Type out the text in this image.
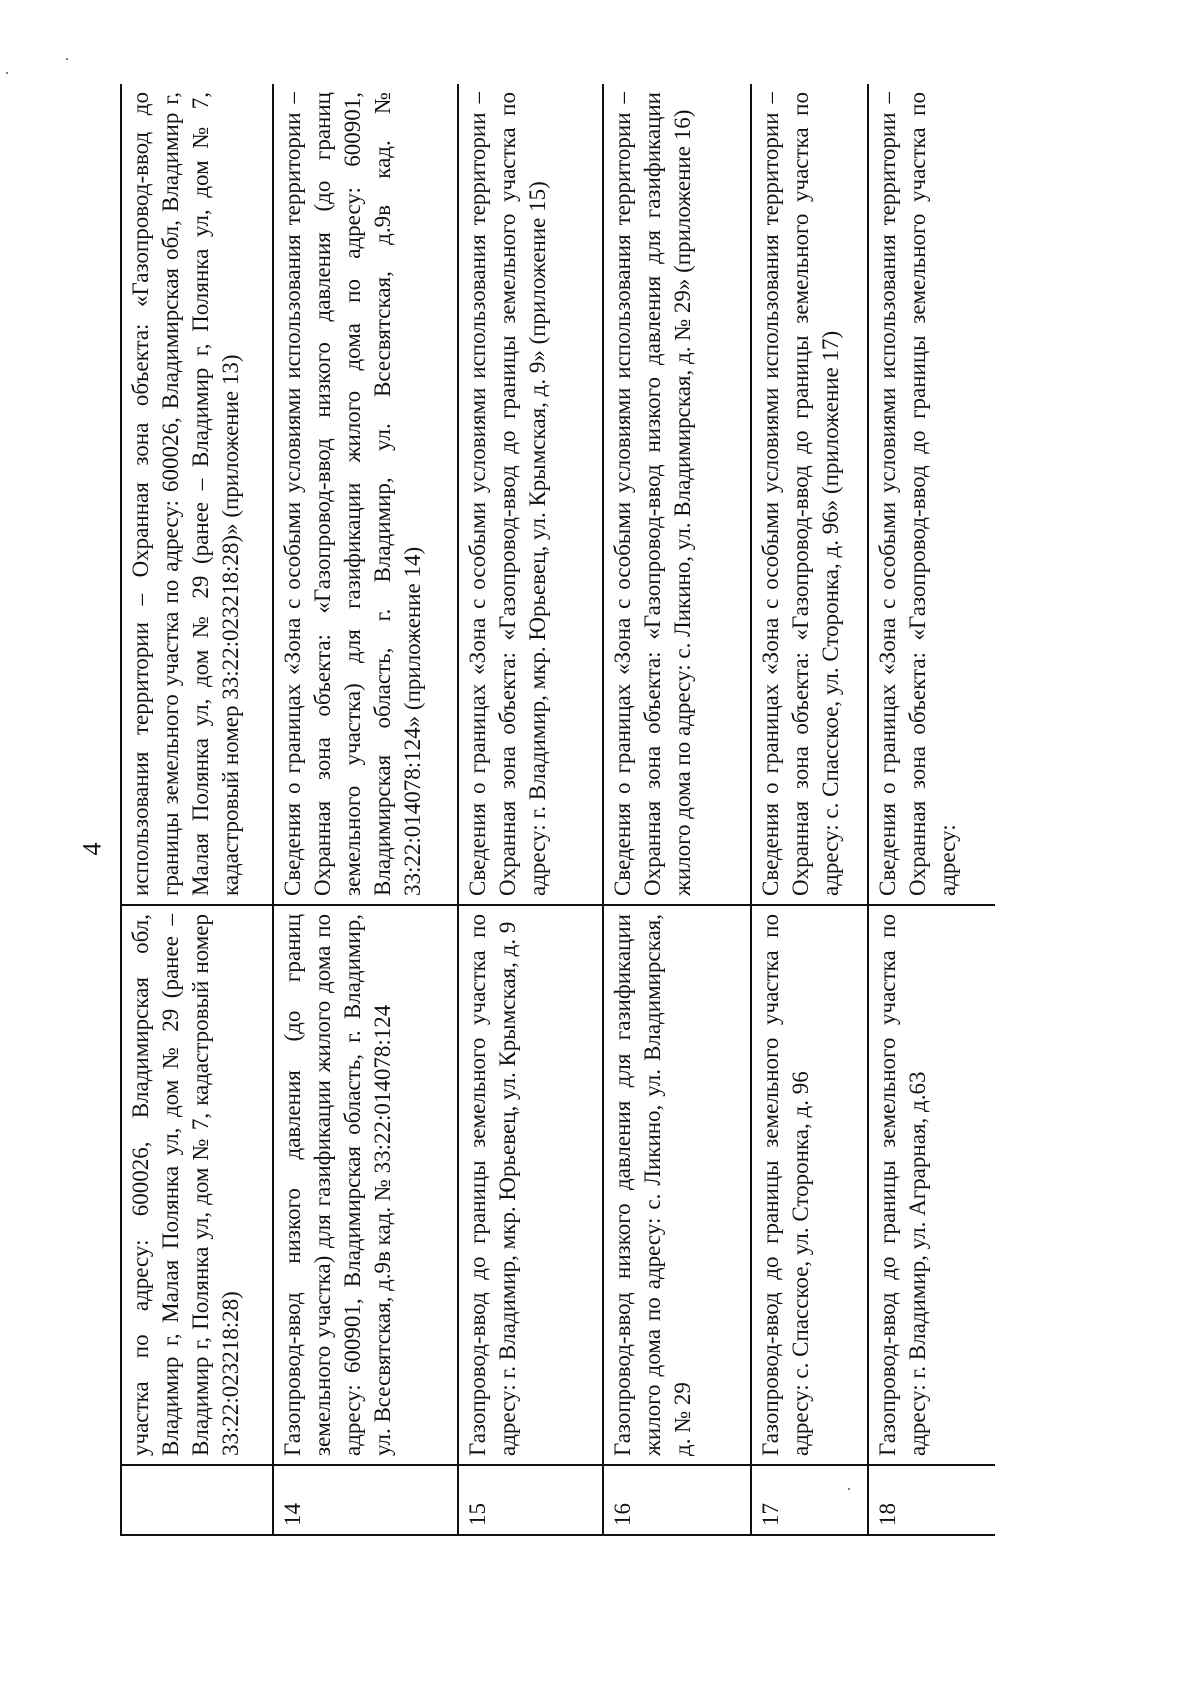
4
	участка по адресу: 600026, Владимирская обл, Владимир г, Малая Полянка ул, дом № 29 (ранее – Владимир г, Полянка ул, дом № 7, кадастровый номер 33:22:023218:28)	использования территории – Охранная зона объекта: «Газопровод-ввод до границы земельного участка по адресу: 600026, Владимирская обл, Владимир г, Малая Полянка ул, дом № 29 (ранее – Владимир г, Полянка ул, дом № 7, кадастровый номер 33:22:023218:28)» (приложение 13)
14	Газопровод-ввод низкого давления (до границ земельного участка) для газификации жилого дома по адресу: 600901, Владимирская область, г. Владимир, ул. Всесвятская, д.9в кад. № 33:22:014078:124	Сведения о границах «Зона с особыми условиями использования территории – Охранная зона объекта: «Газопровод-ввод низкого давления (до границ земельного участка) для газификации жилого дома по адресу: 600901, Владимирская область, г. Владимир, ул. Всесвятская, д.9в кад. № 33:22:014078:124» (приложение 14)
15	Газопровод-ввод до границы земельного участка по адресу: г. Владимир, мкр. Юрьевец, ул. Крымская, д. 9	Сведения о границах «Зона с особыми условиями использования территории – Охранная зона объекта: «Газопровод-ввод до границы земельного участка по адресу: г. Владимир, мкр. Юрьевец, ул. Крымская, д. 9» (приложение 15)
16	Газопровод-ввод низкого давления для газификации жилого дома по адресу: с. Ликино, ул. Владимирская, д. № 29	Сведения о границах «Зона с особыми условиями использования территории – Охранная зона объекта: «Газопровод-ввод низкого давления для газификации жилого дома по адресу: с. Ликино, ул. Владимирская, д. № 29» (приложение 16)
17	Газопровод-ввод до границы земельного участка по адресу: с. Спасское, ул. Сторонка, д. 96	Сведения о границах «Зона с особыми условиями использования территории – Охранная зона объекта: «Газопровод-ввод до границы земельного участка по адресу: с. Спасское, ул. Сторонка, д. 96» (приложение 17)
18	Газопровод-ввод до границы земельного участка по адресу: г. Владимир, ул. Аграрная, д.63	Сведения о границах «Зона с особыми условиями использования территории – Охранная зона объекта: «Газопровод-ввод до границы земельного участка по адресу:
